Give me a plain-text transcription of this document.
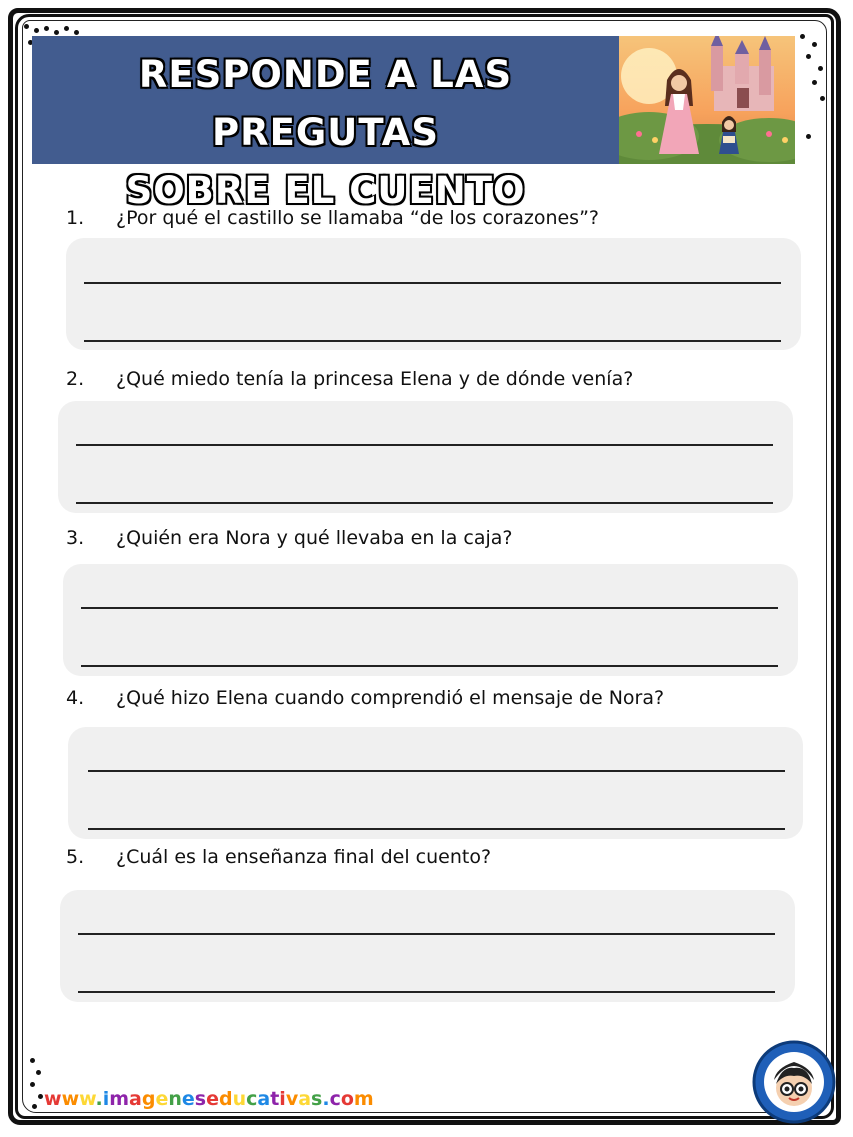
RESPONDE A LAS PREGUTAS
SOBRE EL CUENTO
1.	¿Por qué el castillo se llamaba “de los corazones”?
2.	¿Qué miedo tenía la princesa Elena y de dónde venía?
3.	¿Quién era Nora y qué llevaba en la caja?
4.	¿Qué hizo Elena cuando comprendió el mensaje de Nora?
5.	¿Cuál es la enseñanza final del cuento?
www.imageneseducativas.com
